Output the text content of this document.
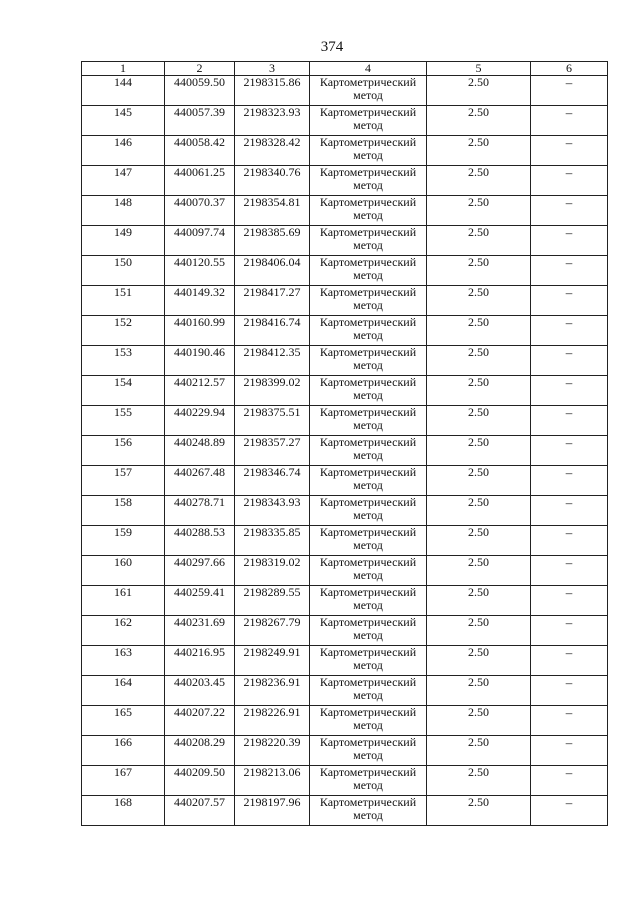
374
1	2	3	4	5	6
144	440059.50	2198315.86	Картометрический метод	2.50	–
145	440057.39	2198323.93	Картометрический метод	2.50	–
146	440058.42	2198328.42	Картометрический метод	2.50	–
147	440061.25	2198340.76	Картометрический метод	2.50	–
148	440070.37	2198354.81	Картометрический метод	2.50	–
149	440097.74	2198385.69	Картометрический метод	2.50	–
150	440120.55	2198406.04	Картометрический метод	2.50	–
151	440149.32	2198417.27	Картометрический метод	2.50	–
152	440160.99	2198416.74	Картометрический метод	2.50	–
153	440190.46	2198412.35	Картометрический метод	2.50	–
154	440212.57	2198399.02	Картометрический метод	2.50	–
155	440229.94	2198375.51	Картометрический метод	2.50	–
156	440248.89	2198357.27	Картометрический метод	2.50	–
157	440267.48	2198346.74	Картометрический метод	2.50	–
158	440278.71	2198343.93	Картометрический метод	2.50	–
159	440288.53	2198335.85	Картометрический метод	2.50	–
160	440297.66	2198319.02	Картометрический метод	2.50	–
161	440259.41	2198289.55	Картометрический метод	2.50	–
162	440231.69	2198267.79	Картометрический метод	2.50	–
163	440216.95	2198249.91	Картометрический метод	2.50	–
164	440203.45	2198236.91	Картометрический метод	2.50	–
165	440207.22	2198226.91	Картометрический метод	2.50	–
166	440208.29	2198220.39	Картометрический метод	2.50	–
167	440209.50	2198213.06	Картометрический метод	2.50	–
168	440207.57	2198197.96	Картометрический метод	2.50	–
